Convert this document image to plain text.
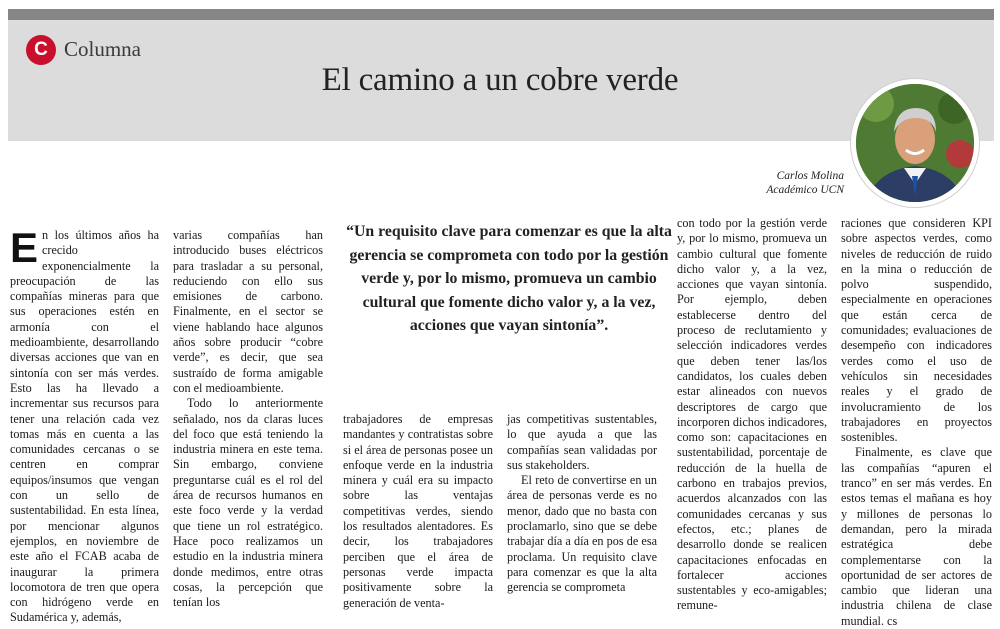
C Columna
El camino a un cobre verde
Carlos Molina
Académico UCN

En los últimos años ha crecido exponencialmente la preocupación de las compañías mineras para que sus operaciones estén en armonía con el medioambiente, desarrollando diversas acciones que van en sintonía con ser más verdes. Esto las ha llevado a incrementar sus recursos para tener una relación cada vez tomas más en cuenta a las comunidades cercanas o se centren en comprar equipos/insumos que vengan con un sello de sustentabilidad. En esta línea, por mencionar algunos ejemplos, en noviembre de este año el FCAB acaba de inaugurar la primera locomotora de tren que opera con hidrógeno verde en Sudamérica y, además,

varias compañías han introducido buses eléctricos para trasladar a su personal, reduciendo con ello sus emisiones de carbono. Finalmente, en el sector se viene hablando hace algunos años sobre producir “cobre verde”, es decir, que sea sustraído de forma amigable con el medioambiente.

Todo lo anteriormente señalado, nos da claras luces del foco que está teniendo la industria minera en este tema. Sin embargo, conviene preguntarse cuál es el rol del área de recursos humanos en este foco verde y la verdad que tiene un rol estratégico. Hace poco realizamos un estudio en la industria minera donde medimos, entre otras cosas, la percepción que tenían los

“Un requisito clave para comenzar es que la alta gerencia se comprometa con todo por la gestión verde y, por lo mismo, promueva un cambio cultural que fomente dicho valor y, a la vez, acciones que vayan sintonía”.

trabajadores de empresas mandantes y contratistas sobre si el área de personas posee un enfoque verde en la industria minera y cuál era su impacto sobre las ventajas competitivas verdes, siendo los resultados alentadores. Es decir, los trabajadores perciben que el área de personas verde impacta positivamente sobre la generación de venta-

jas competitivas sustentables, lo que ayuda a que las compañías sean validadas por sus stakeholders.

El reto de convertirse en un área de personas verde es no menor, dado que no basta con proclamarlo, sino que se debe trabajar día a día en pos de esa proclama. Un requisito clave para comenzar es que la alta gerencia se comprometa

con todo por la gestión verde y, por lo mismo, promueva un cambio cultural que fomente dicho valor y, a la vez, acciones que vayan sintonía. Por ejemplo, deben establecerse dentro del proceso de reclutamiento y selección indicadores verdes que deben tener las/los candidatos, los cuales deben estar alineados con nuevos descriptores de cargo que incorporen dichos indicadores, como son: capacitaciones en sustentabilidad, porcentaje de reducción de la huella de carbono en trabajos previos, acuerdos alcanzados con las comunidades cercanas y sus efectos, etc.; planes de desarrollo donde se realicen capacitaciones enfocadas en fortalecer acciones sustentables y eco-amigables; remune-

raciones que consideren KPI sobre aspectos verdes, como niveles de reducción de ruido en la mina o reducción de polvo suspendido, especialmente en operaciones que están cerca de comunidades; evaluaciones de desempeño con indicadores verdes como el uso de vehículos sin necesidades reales y el grado de involucramiento de los trabajadores en proyectos sostenibles.

Finalmente, es clave que las compañías “apuren el tranco” en ser más verdes. En estos temas el mañana es hoy y millones de personas lo demandan, pero la mirada estratégica debe complementarse con la oportunidad de ser actores de cambio que lideran una industria chilena de clase mundial. cs
